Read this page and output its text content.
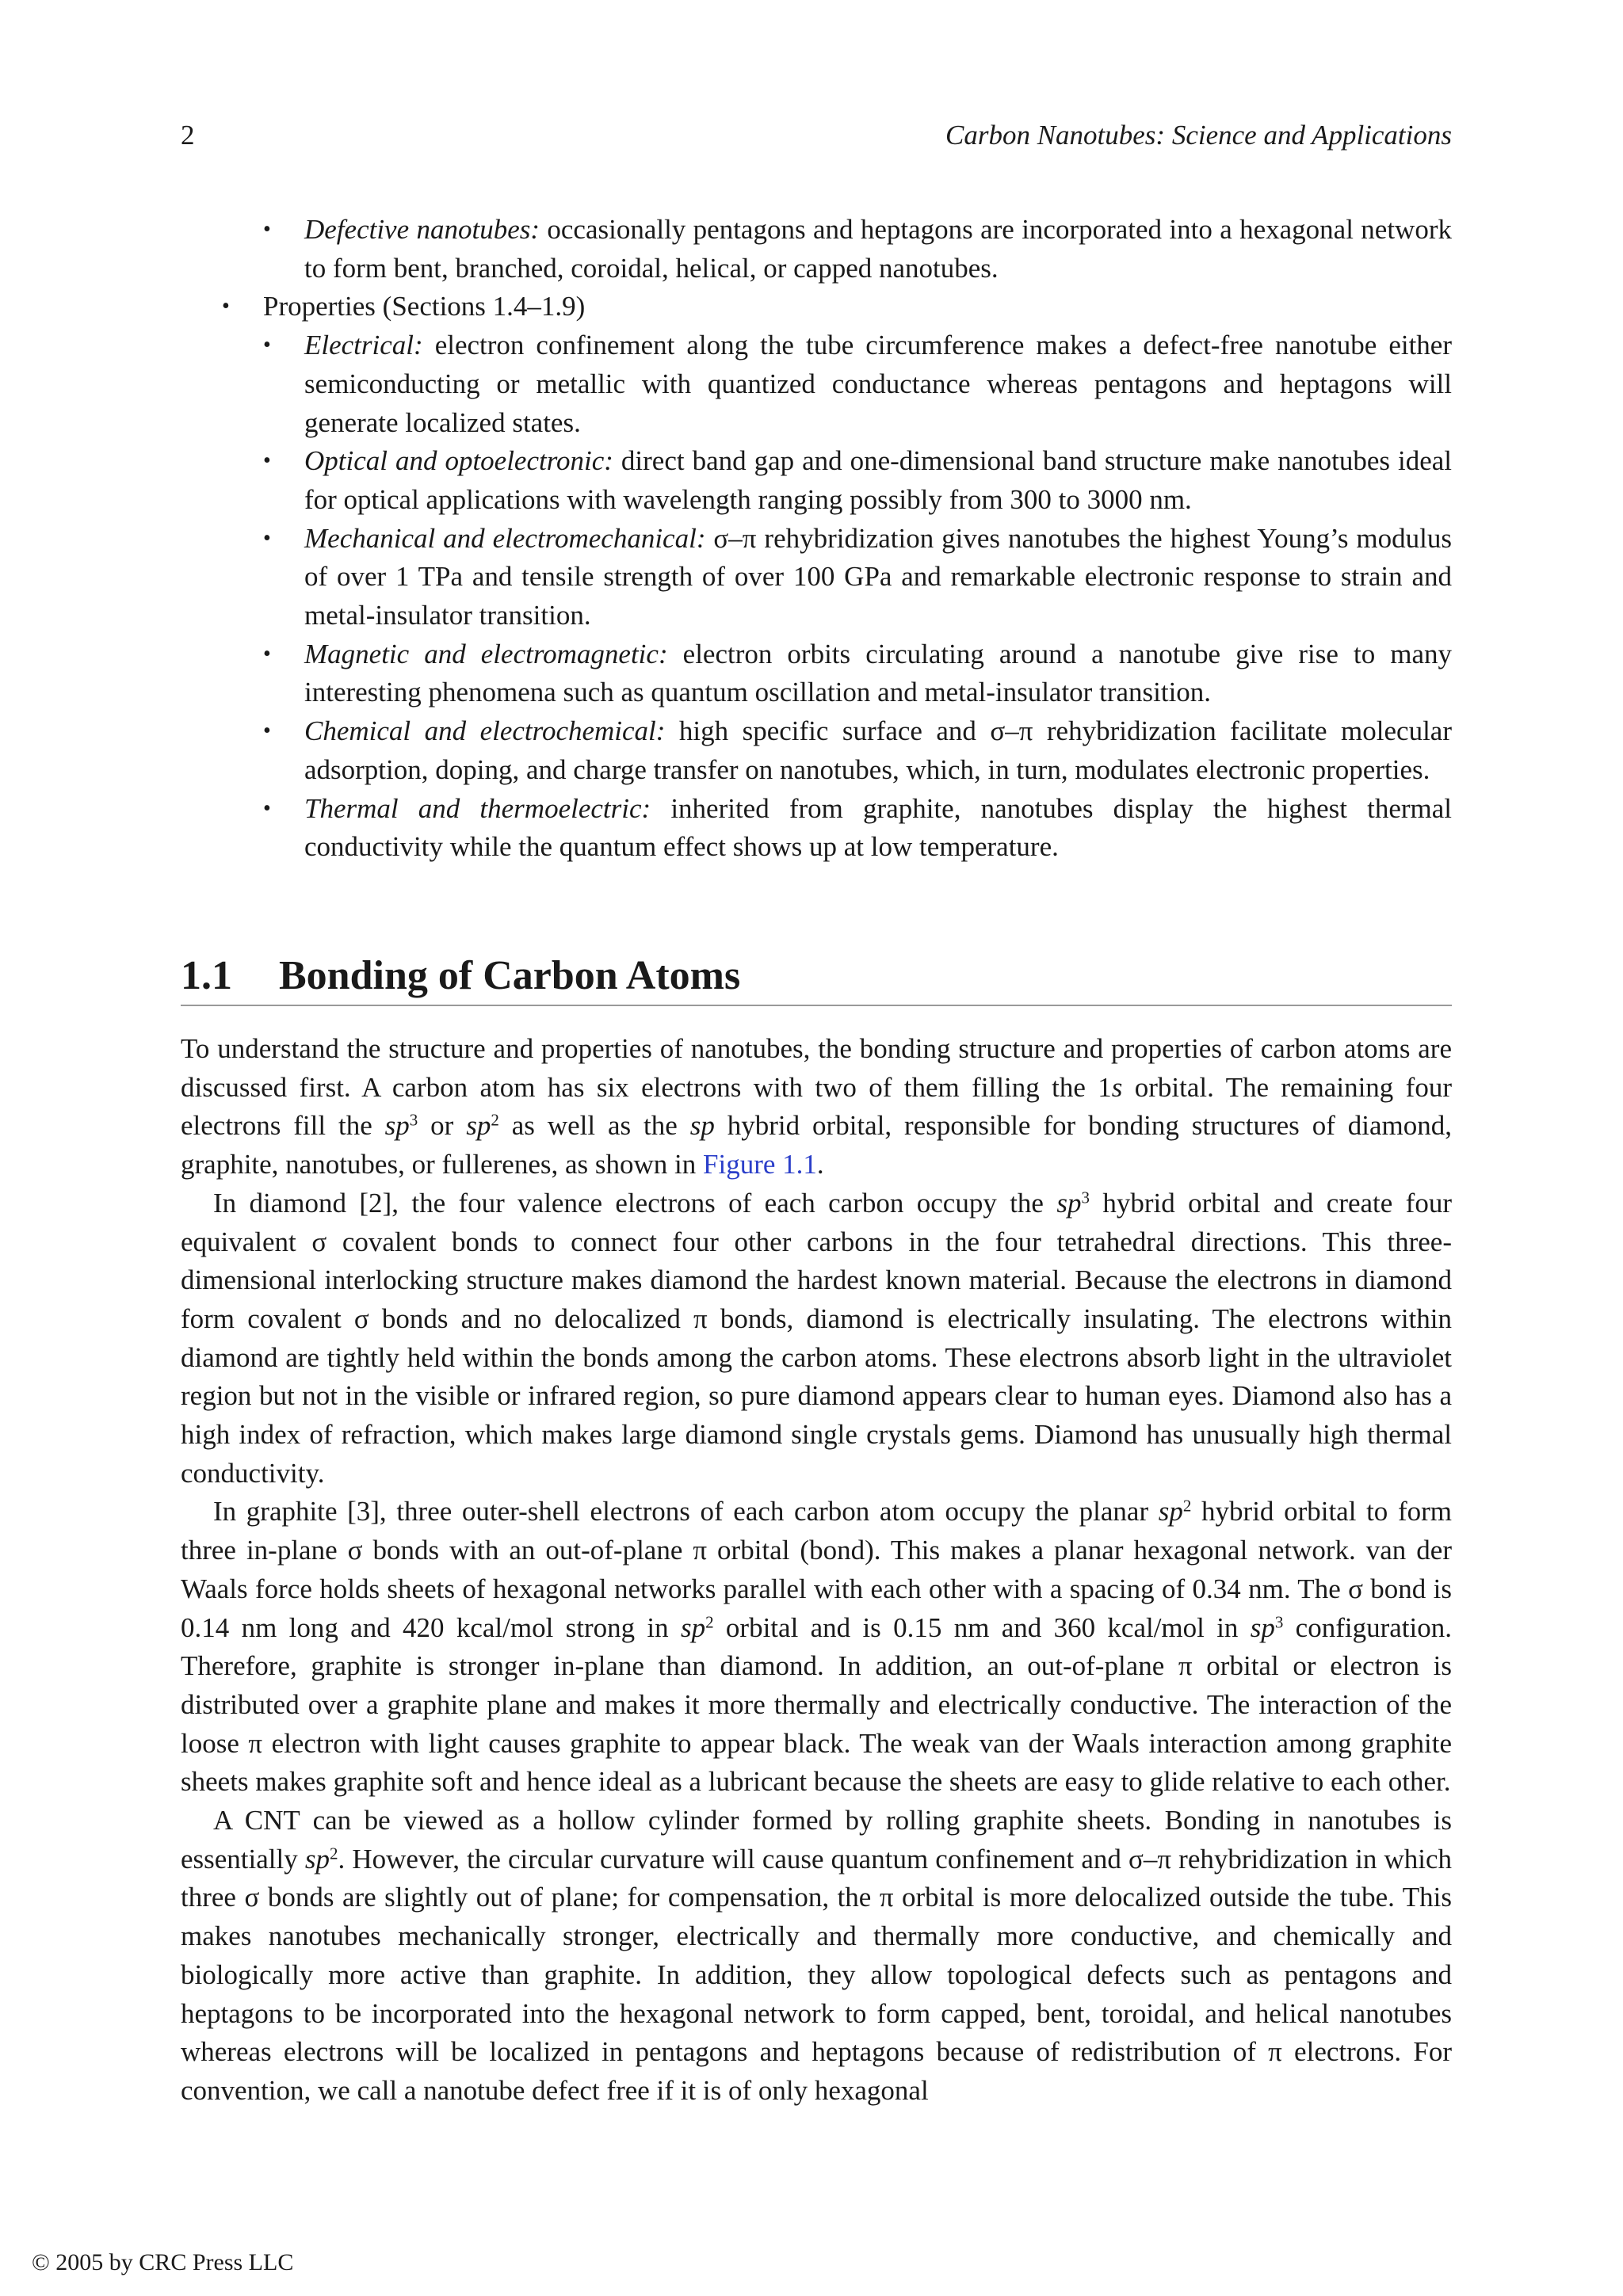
2	Carbon Nanotubes: Science and Applications
• Defective nanotubes: occasionally pentagons and heptagons are incorporated into a hexagonal network to form bent, branched, coroidal, helical, or capped nanotubes.
• Properties (Sections 1.4–1.9)
• Electrical: electron confinement along the tube circumference makes a defect-free nanotube either semiconducting or metallic with quantized conductance whereas pentagons and heptagons will generate localized states.
• Optical and optoelectronic: direct band gap and one-dimensional band structure make nanotubes ideal for optical applications with wavelength ranging possibly from 300 to 3000 nm.
• Mechanical and electromechanical: σ–π rehybridization gives nanotubes the highest Young’s modulus of over 1 TPa and tensile strength of over 100 GPa and remarkable electronic response to strain and metal-insulator transition.
• Magnetic and electromagnetic: electron orbits circulating around a nanotube give rise to many interesting phenomena such as quantum oscillation and metal-insulator transition.
• Chemical and electrochemical: high specific surface and σ–π rehybridization facilitate molecular adsorption, doping, and charge transfer on nanotubes, which, in turn, modulates electronic properties.
• Thermal and thermoelectric: inherited from graphite, nanotubes display the highest thermal conductivity while the quantum effect shows up at low temperature.
1.1 Bonding of Carbon Atoms

To understand the structure and properties of nanotubes, the bonding structure and properties of carbon atoms are discussed first. A carbon atom has six electrons with two of them filling the 1s orbital. The remaining four electrons fill the $sp^3$ or $sp^2$ as well as the sp hybrid orbital, responsible for bonding structures of diamond, graphite, nanotubes, or fullerenes, as shown in Figure 1.1.

In diamond [2], the four valence electrons of each carbon occupy the $sp^3$ hybrid orbital and create four equivalent σ covalent bonds to connect four other carbons in the four tetrahedral directions. This three-dimensional interlocking structure makes diamond the hardest known material. Because the electrons in diamond form covalent σ bonds and no delocalized π bonds, diamond is electrically insulating. The electrons within diamond are tightly held within the bonds among the carbon atoms. These electrons absorb light in the ultraviolet region but not in the visible or infrared region, so pure diamond appears clear to human eyes. Diamond also has a high index of refraction, which makes large diamond single crystals gems. Diamond has unusually high thermal conductivity.

In graphite [3], three outer-shell electrons of each carbon atom occupy the planar $sp^2$ hybrid orbital to form three in-plane σ bonds with an out-of-plane π orbital (bond). This makes a planar hexagonal network. van der Waals force holds sheets of hexagonal networks parallel with each other with a spacing of 0.34 nm. The σ bond is 0.14 nm long and 420 kcal/mol strong in $sp^2$ orbital and is 0.15 nm and 360 kcal/mol in $sp^3$ configuration. Therefore, graphite is stronger in-plane than diamond. In addition, an out-of-plane π orbital or electron is distributed over a graphite plane and makes it more thermally and electrically conductive. The interaction of the loose π electron with light causes graphite to appear black. The weak van der Waals interaction among graphite sheets makes graphite soft and hence ideal as a lubricant because the sheets are easy to glide relative to each other.

A CNT can be viewed as a hollow cylinder formed by rolling graphite sheets. Bonding in nanotubes is essentially $sp^2$. However, the circular curvature will cause quantum confinement and σ–π rehybridization in which three σ bonds are slightly out of plane; for compensation, the π orbital is more delocalized outside the tube. This makes nanotubes mechanically stronger, electrically and thermally more conductive, and chemically and biologically more active than graphite. In addition, they allow topological defects such as pentagons and heptagons to be incorporated into the hexagonal network to form capped, bent, toroidal, and helical nanotubes whereas electrons will be localized in pentagons and heptagons because of redistribution of π electrons. For convention, we call a nanotube defect free if it is of only hexagonal

© 2005 by CRC Press LLC
